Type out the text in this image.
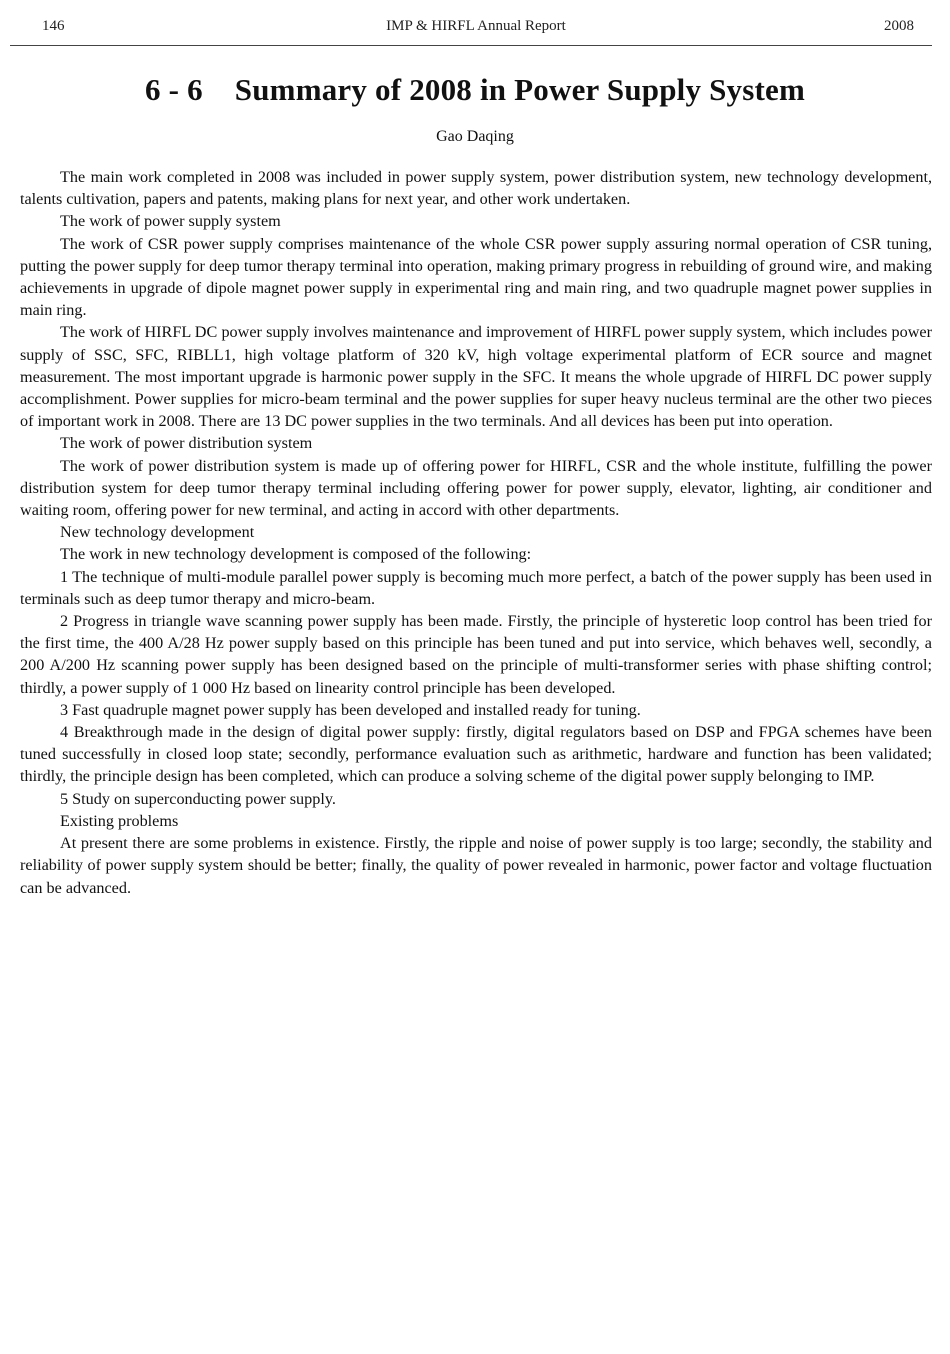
146	IMP & HIRFL Annual Report	2008
6 - 6 Summary of 2008 in Power Supply System
Gao Daqing

The main work completed in 2008 was included in power supply system, power distribution system, new technology development, talents cultivation, papers and patents, making plans for next year, and other work undertaken.

The work of power supply system

The work of CSR power supply comprises maintenance of the whole CSR power supply assuring normal operation of CSR tuning, putting the power supply for deep tumor therapy terminal into operation, making primary progress in rebuilding of ground wire, and making achievements in upgrade of dipole magnet power supply in experimental ring and main ring, and two quadruple magnet power supplies in main ring.

The work of HIRFL DC power supply involves maintenance and improvement of HIRFL power supply system, which includes power supply of SSC, SFC, RIBLL1, high voltage platform of 320 kV, high voltage experimental platform of ECR source and magnet measurement. The most important upgrade is harmonic power supply in the SFC. It means the whole upgrade of HIRFL DC power supply accomplishment. Power supplies for micro-beam terminal and the power supplies for super heavy nucleus terminal are the other two pieces of important work in 2008. There are 13 DC power supplies in the two terminals. And all devices has been put into operation.

The work of power distribution system

The work of power distribution system is made up of offering power for HIRFL, CSR and the whole institute, fulfilling the power distribution system for deep tumor therapy terminal including offering power for power supply, elevator, lighting, air conditioner and waiting room, offering power for new terminal, and acting in accord with other departments.

New technology development

The work in new technology development is composed of the following:

1 The technique of multi-module parallel power supply is becoming much more perfect, a batch of the power supply has been used in terminals such as deep tumor therapy and micro-beam.

2 Progress in triangle wave scanning power supply has been made. Firstly, the principle of hysteretic loop control has been tried for the first time, the 400 A/28 Hz power supply based on this principle has been tuned and put into service, which behaves well, secondly, a 200 A/200 Hz scanning power supply has been designed based on the principle of multi-transformer series with phase shifting control; thirdly, a power supply of 1 000 Hz based on linearity control principle has been developed.

3 Fast quadruple magnet power supply has been developed and installed ready for tuning.

4 Breakthrough made in the design of digital power supply: firstly, digital regulators based on DSP and FPGA schemes have been tuned successfully in closed loop state; secondly, performance evaluation such as arithmetic, hardware and function has been validated; thirdly, the principle design has been completed, which can produce a solving scheme of the digital power supply belonging to IMP.

5 Study on superconducting power supply.

Existing problems

At present there are some problems in existence. Firstly, the ripple and noise of power supply is too large; secondly, the stability and reliability of power supply system should be better; finally, the quality of power revealed in harmonic, power factor and voltage fluctuation can be advanced.
